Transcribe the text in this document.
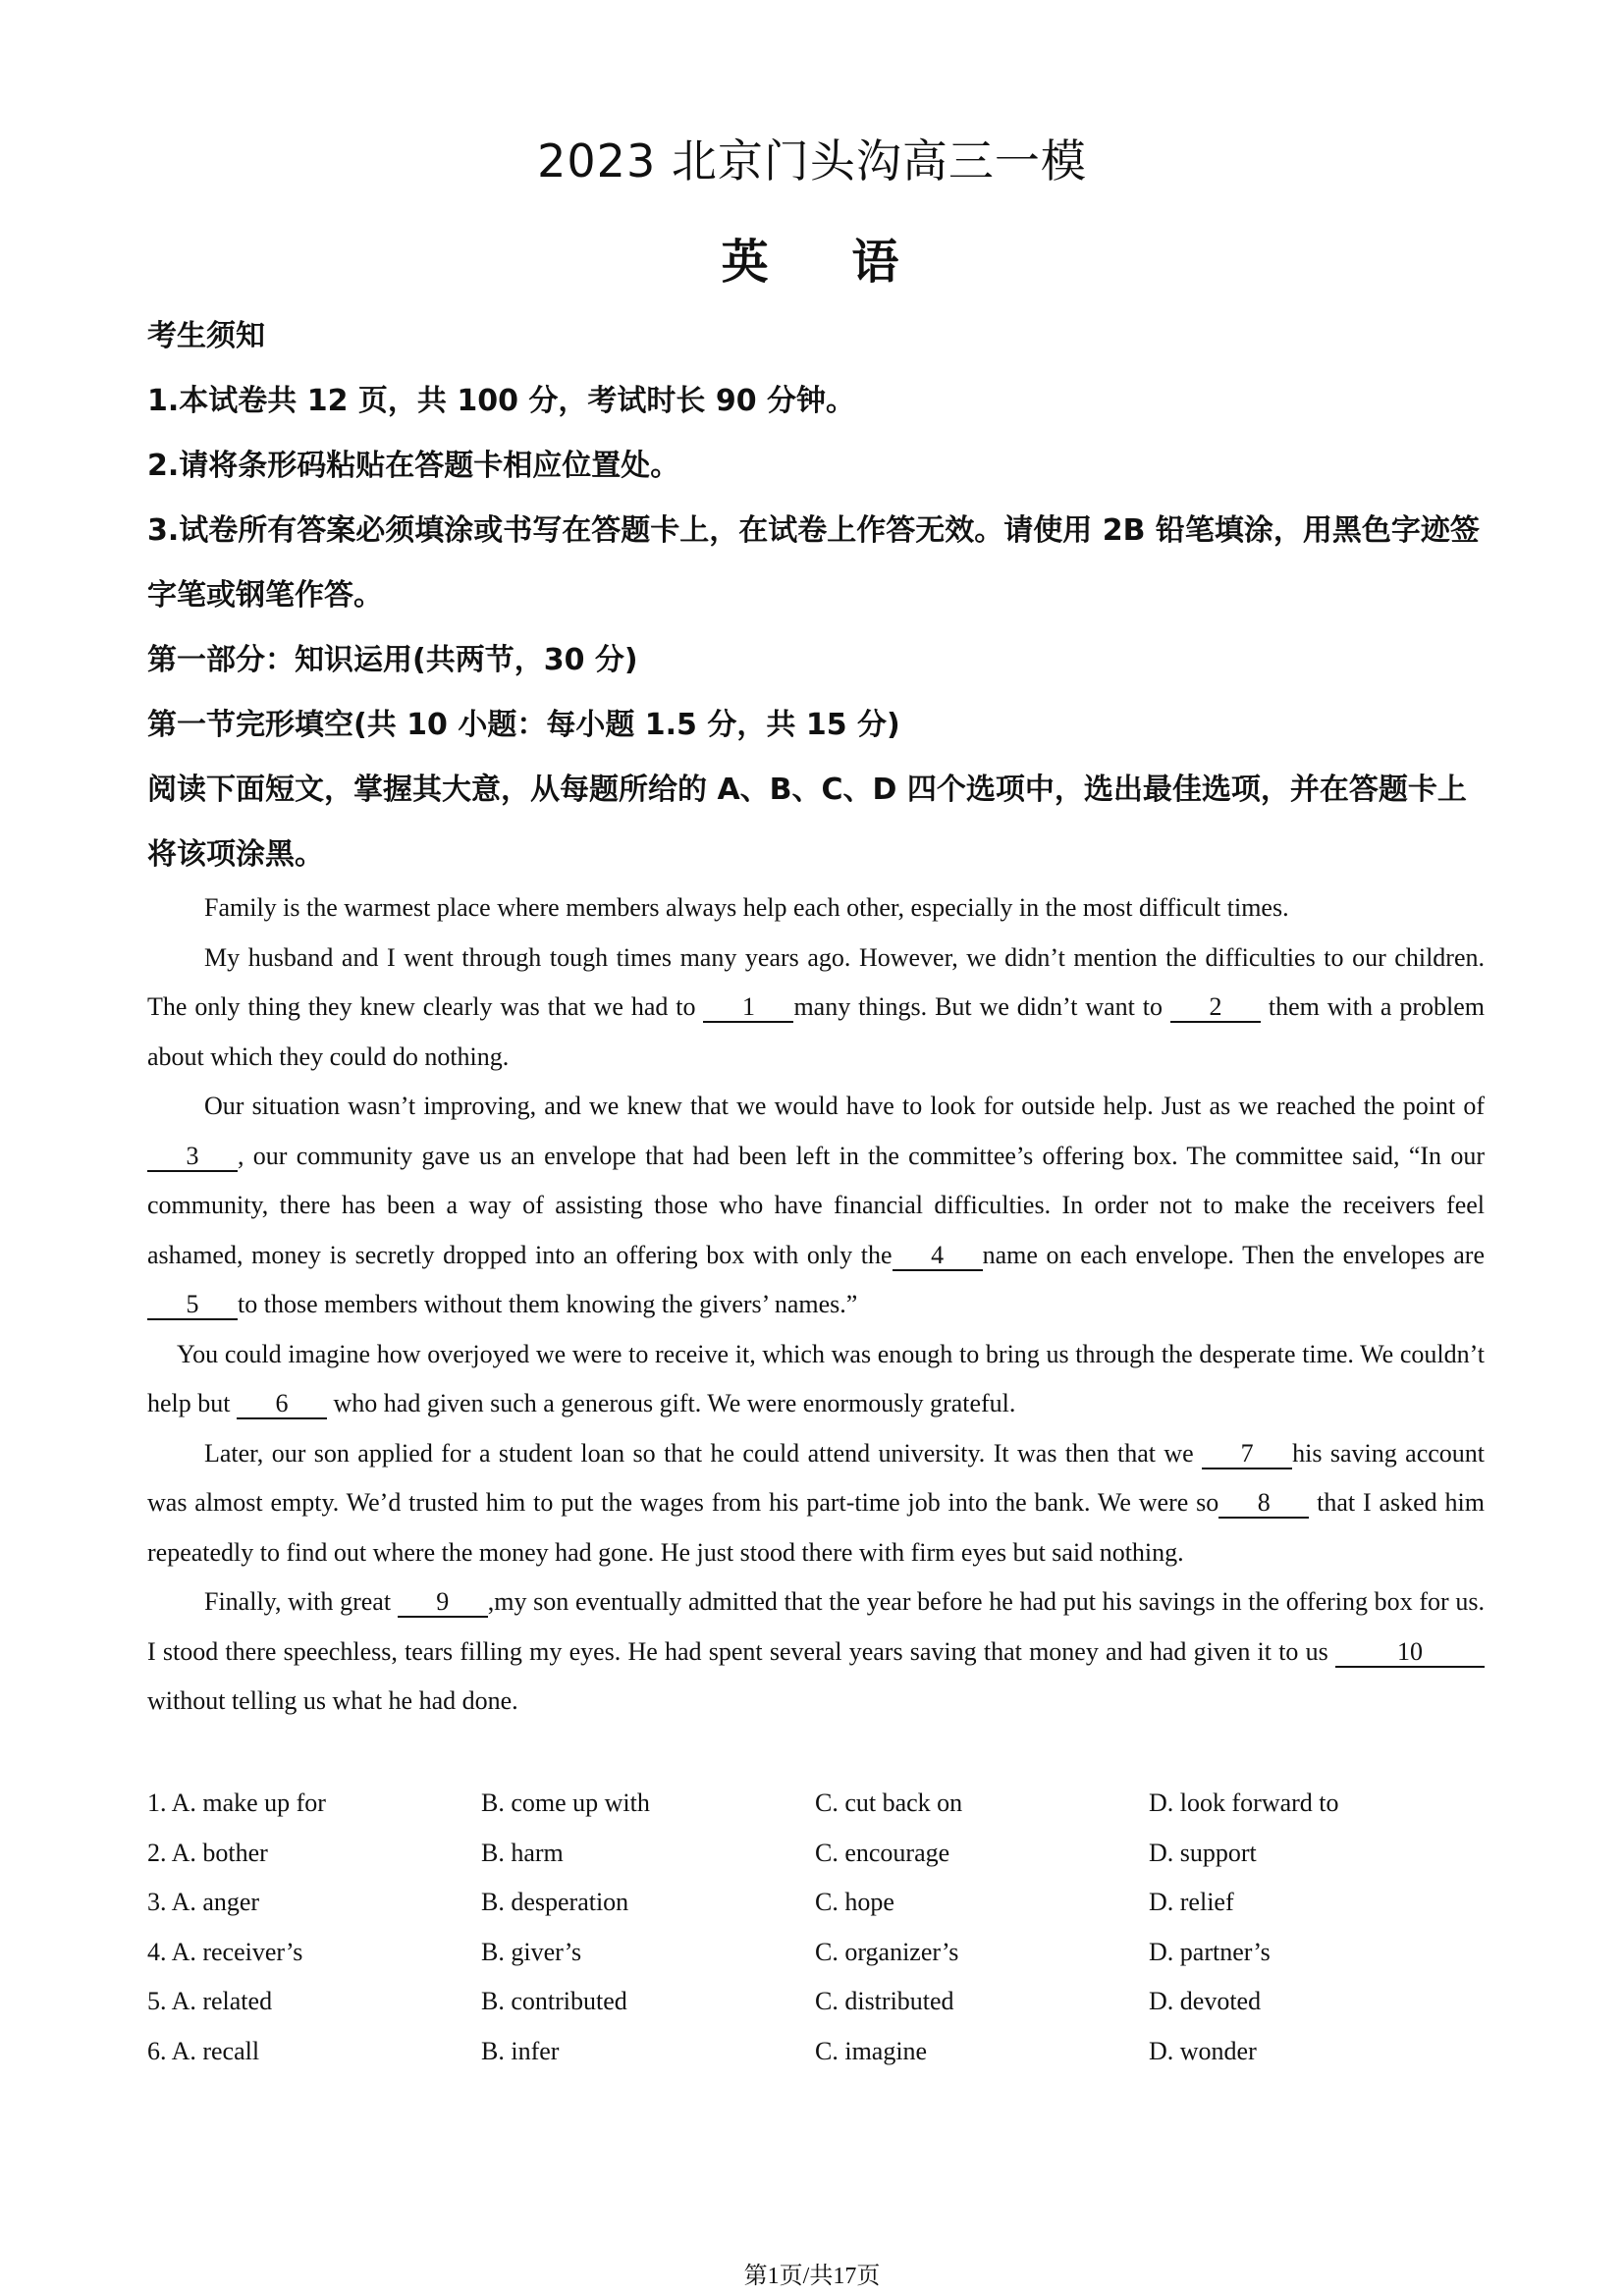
2023 北京门头沟高三一模
英 语

考生须知

1.本试卷共 12 页，共 100 分，考试时长 90 分钟。

2.请将条形码粘贴在答题卡相应位置处。

3.试卷所有答案必须填涂或书写在答题卡上，在试卷上作答无效。请使用 2B 铅笔填涂，用黑色字迹签字笔或钢笔作答。

第一部分：知识运用(共两节，30 分)

第一节完形填空(共 10 小题：每小题 1.5 分，共 15 分)

阅读下面短文，掌握其大意，从每题所给的 A、B、C、D 四个选项中，选出最佳选项，并在答题卡上将该项涂黑。

Family is the warmest place where members always help each other, especially in the most difficult times.

My husband and I went through tough times many years ago. However, we didn’t mention the difficulties to our children. The only thing they knew clearly was that we had to 1 many things. But we didn’t want to 2 them with a problem about which they could do nothing.

Our situation wasn’t improving, and we knew that we would have to look for outside help. Just as we reached the point of 3 , our community gave us an envelope that had been left in the committee’s offering box. The committee said, “In our community, there has been a way of assisting those who have financial difficulties. In order not to make the receivers feel ashamed, money is secretly dropped into an offering box with only the 4 name on each envelope. Then the envelopes are5 to those members without them knowing the givers’ names.”

You could imagine how overjoyed we were to receive it, which was enough to bring us through the desperate time. We couldn’t help but 6 who had given such a generous gift. We were enormously grateful.

Later, our son applied for a student loan so that he could attend university. It was then that we 7 his saving account was almost empty. We’d trusted him to put the wages from his part-time job into the bank. We were so 8 that I asked him repeatedly to find out where the money had gone. He just stood there with firm eyes but said nothing.

Finally, with great 9 ,my son eventually admitted that the year before he had put his savings in the offering box for us. I stood there speechless, tears filling my eyes. He had spent several years saving that money and had given it to us 10without telling us what he had done.

1. A. make up for	B. come up with	C. cut back on	D. look forward to
2. A. bother	B. harm	C. encourage	D. support
3. A. anger	B. desperation	C. hope	D. relief
4. A. receiver’s	B. giver’s	C. organizer’s	D. partner’s
5. A. related	B. contributed	C. distributed	D. devoted
6. A. recall	B. infer	C. imagine	D. wonder
第1页/共17页
